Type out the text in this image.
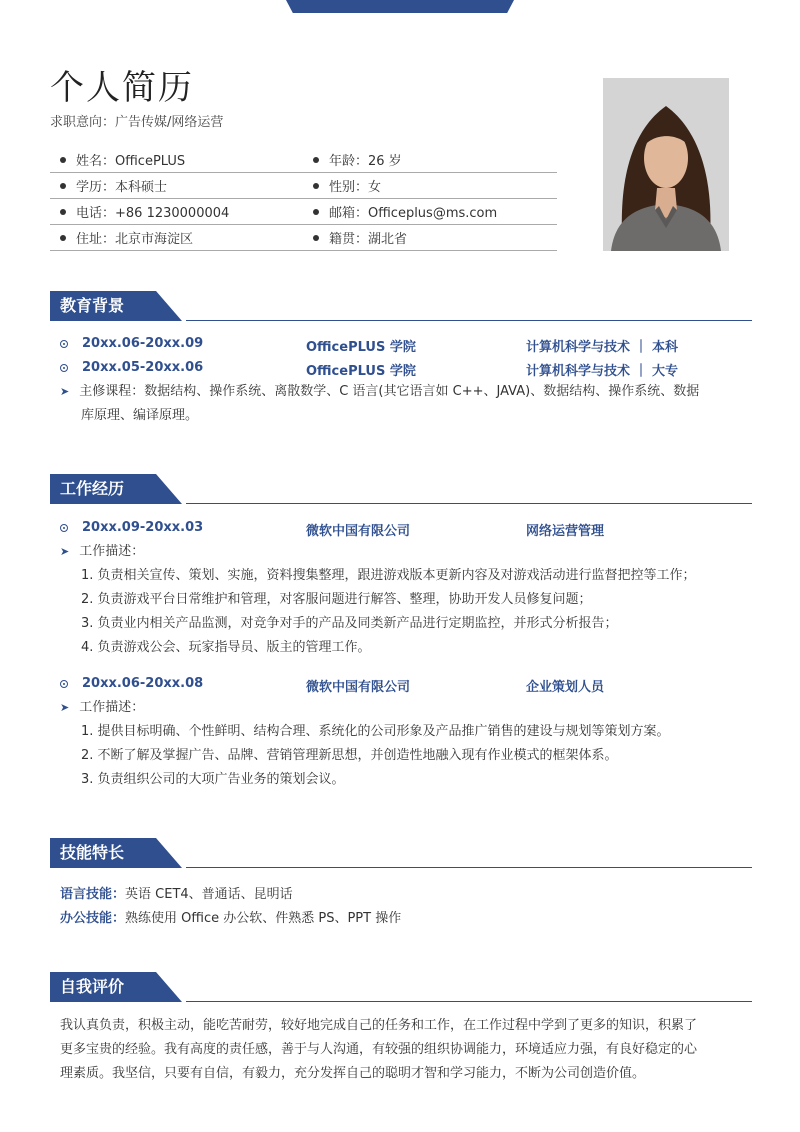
个人简历
求职意向：广告传媒/网络运营
姓名：OfficePLUS	年龄：26 岁
学历：本科硕士	性别：女
电话：+86 1230000004	邮箱：Officeplus@ms.com
住址：北京市海淀区	籍贯：湖北省
教育背景
20xx.06-20xx.09	OfficePLUS 学院	计算机科学与技术 ｜ 本科
20xx.05-20xx.06	OfficePLUS 学院	计算机科学与技术 ｜ 大专
➤ 主修课程：数据结构、操作系统、离散数学、C 语言(其它语言如 C++、JAVA)、数据结构、操作系统、数据
库原理、编译原理。
工作经历
20xx.09-20xx.03	微软中国有限公司	网络运营管理
➤ 工作描述：
1. 负责相关宣传、策划、实施，资料搜集整理，跟进游戏版本更新内容及对游戏活动进行监督把控等工作；
2. 负责游戏平台日常维护和管理，对客服问题进行解答、整理，协助开发人员修复问题；
3. 负责业内相关产品监测，对竞争对手的产品及同类新产品进行定期监控，并形式分析报告；
4. 负责游戏公会、玩家指导员、版主的管理工作。
20xx.06-20xx.08	微软中国有限公司	企业策划人员
➤ 工作描述：
1. 提供目标明确、个性鲜明、结构合理、系统化的公司形象及产品推广销售的建设与规划等策划方案。
2. 不断了解及掌握广告、品牌、营销管理新思想，并创造性地融入现有作业模式的框架体系。
3. 负责组织公司的大项广告业务的策划会议。
技能特长
语言技能：英语 CET4、普通话、昆明话
办公技能：熟练使用 Office 办公软、件熟悉 PS、PPT 操作
自我评价
我认真负责，积极主动，能吃苦耐劳，较好地完成自己的任务和工作，在工作过程中学到了更多的知识，积累了
更多宝贵的经验。我有高度的责任感，善于与人沟通，有较强的组织协调能力，环境适应力强，有良好稳定的心
理素质。我坚信，只要有自信，有毅力，充分发挥自己的聪明才智和学习能力，不断为公司创造价值。
